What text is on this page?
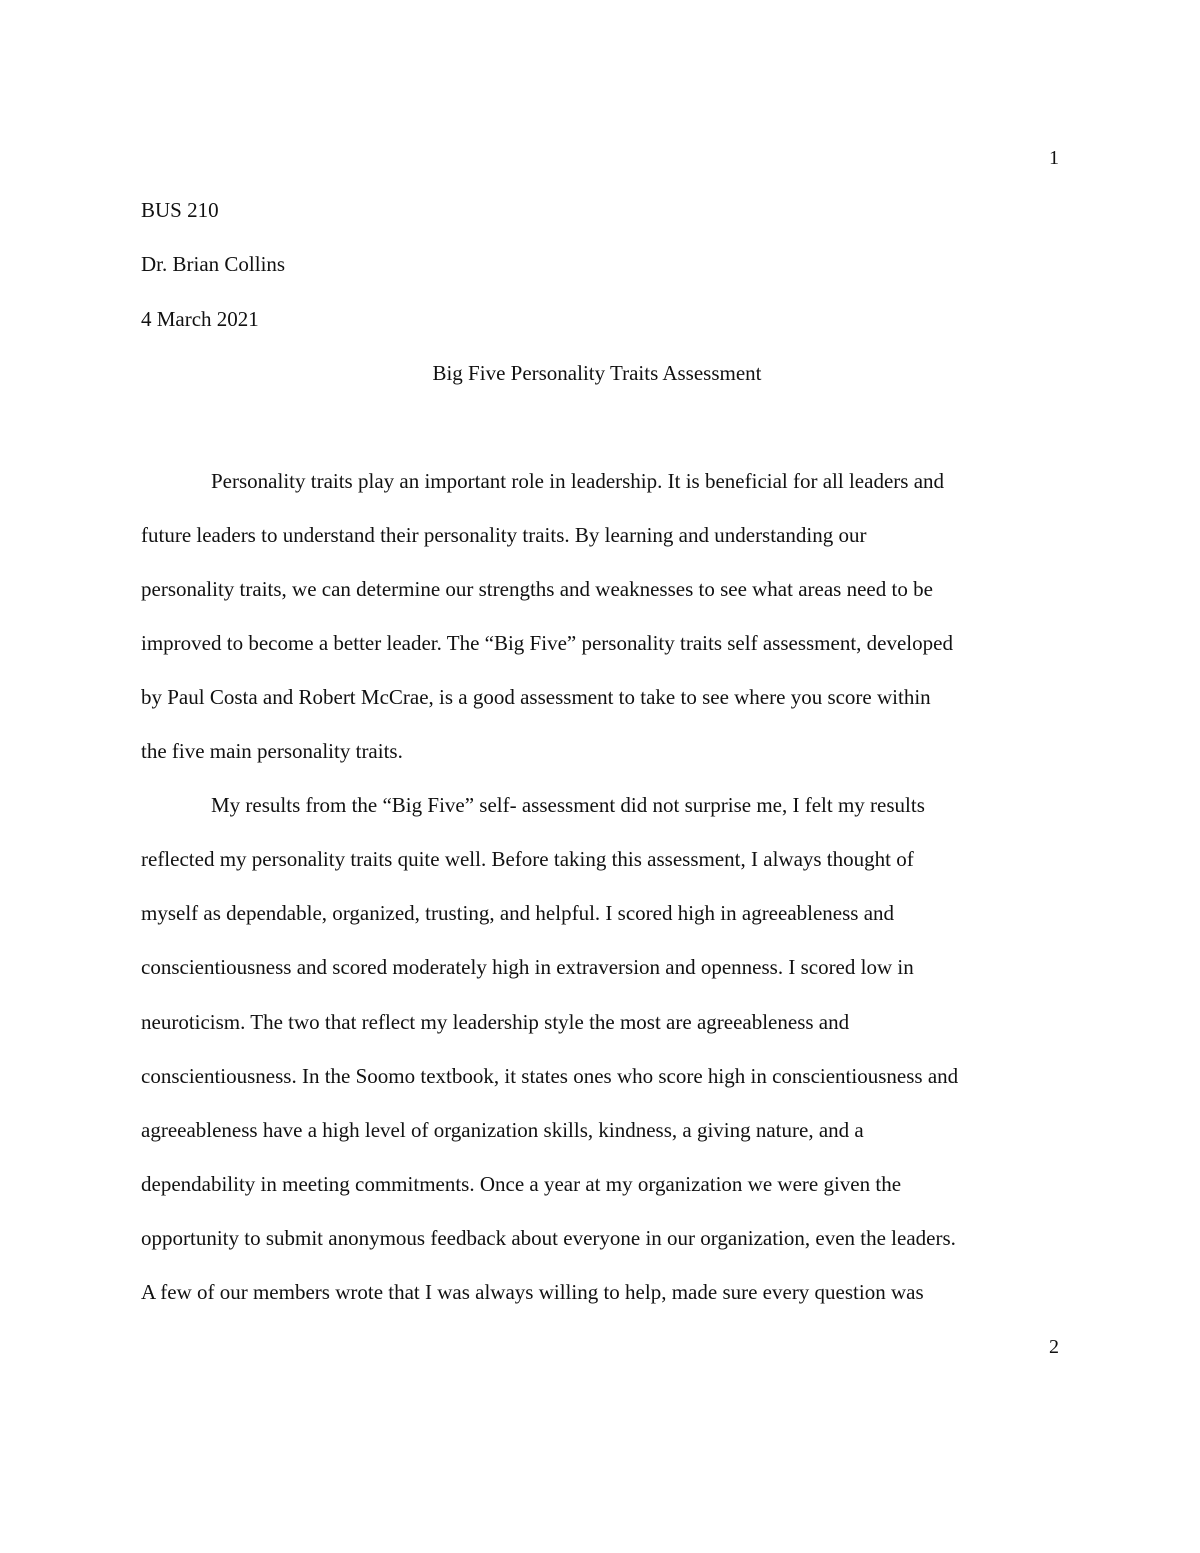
1
BUS 210
Dr. Brian Collins
4 March 2021
Big Five Personality Traits Assessment
Personality traits play an important role in leadership. It is beneficial for all leaders and
future leaders to understand their personality traits. By learning and understanding our
personality traits, we can determine our strengths and weaknesses to see what areas need to be
improved to become a better leader. The “Big Five” personality traits self assessment, developed
by Paul Costa and Robert McCrae, is a good assessment to take to see where you score within
the five main personality traits.
My results from the “Big Five” self- assessment did not surprise me, I felt my results
reflected my personality traits quite well. Before taking this assessment, I always thought of
myself as dependable, organized, trusting, and helpful. I scored high in agreeableness and
conscientiousness and scored moderately high in extraversion and openness. I scored low in
neuroticism. The two that reflect my leadership style the most are agreeableness and
conscientiousness. In the Soomo textbook, it states ones who score high in conscientiousness and
agreeableness have a high level of organization skills, kindness, a giving nature, and a
dependability in meeting commitments. Once a year at my organization we were given the
opportunity to submit anonymous feedback about everyone in our organization, even the leaders.
A few of our members wrote that I was always willing to help, made sure every question was
2
